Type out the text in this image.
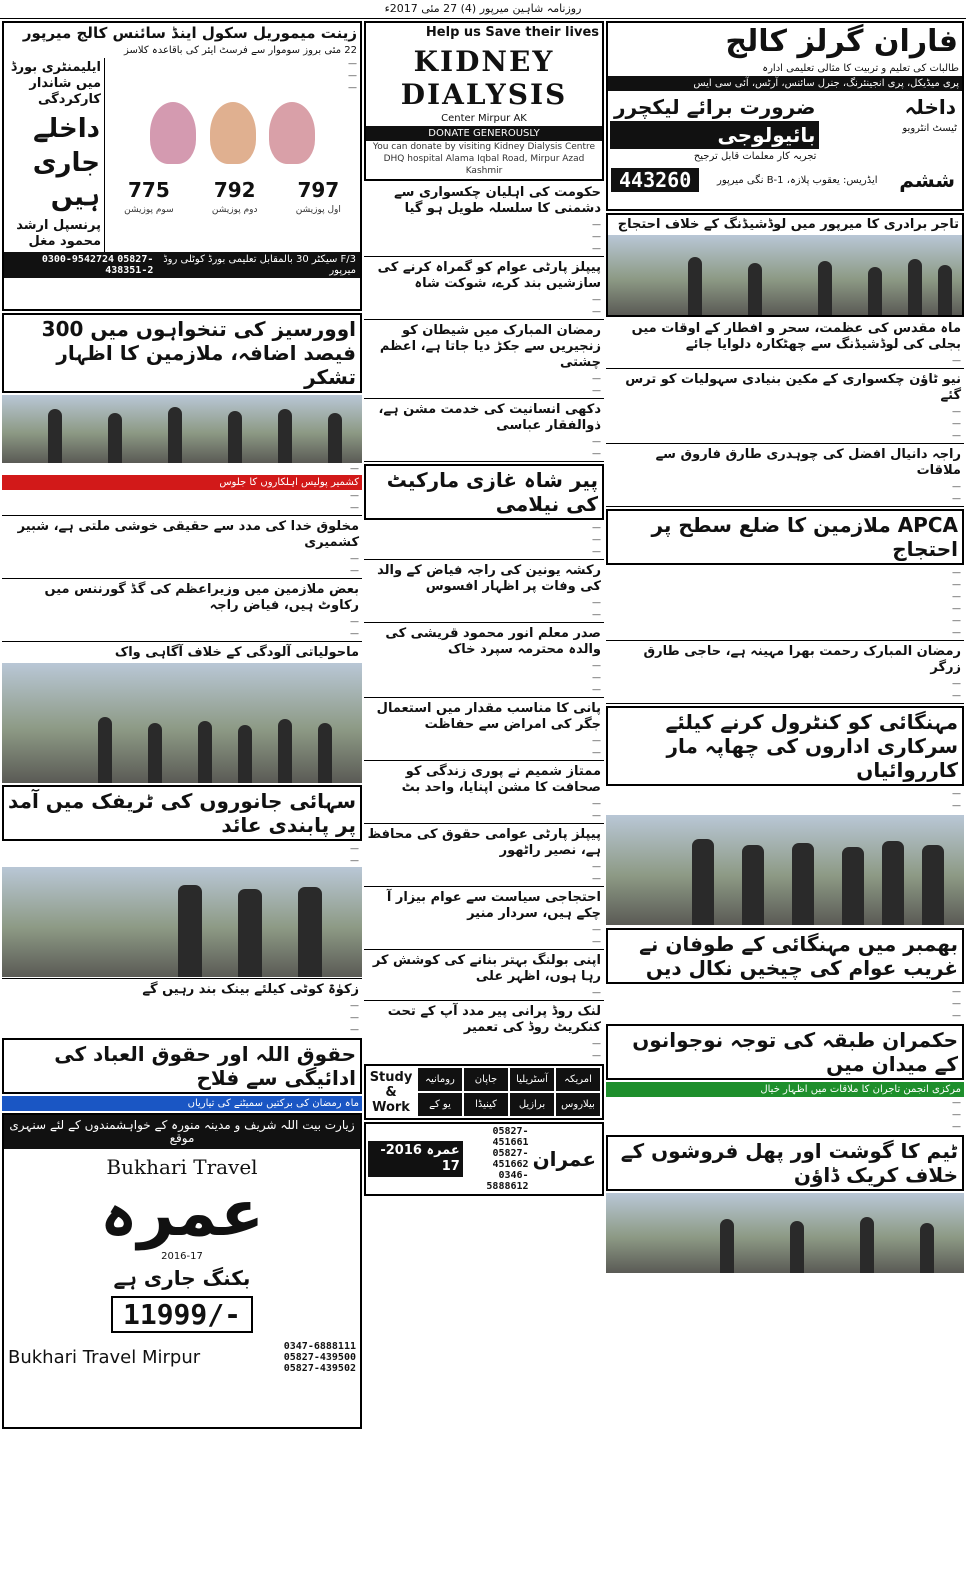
روزنامہ شاہین میرپور (4) 27 مئی 2017ء
فاران گرلز کالج
طالبات کی تعلیم و تربیت کا مثالی تعلیمی ادارہ
پری میڈیکل، پری انجینئرنگ، جنرل سائنس، آرٹس، آئی سی ایس
داخلہ
ٹیسٹ انٹرویو
ضرورت برائے لیکچرر
بائیولوجی
تجربہ کار معلمات قابل ترجیح
ششم
ایڈریس: یعقوب پلازہ، B-1 نگی میرپور
443260
تاجر برادری کا میرپور میں لوڈشیڈنگ کے خلاف احتجاج
ماہ مقدس کی عظمت، سحر و افطار کے اوقات میں بجلی کی لوڈشیڈنگ سے چھٹکارہ دلوایا جائے
—
نیو ٹاؤن چکسواری کے مکین بنیادی سہولیات کو ترس گئے
—
—
—
راجہ دانیال افضل کی چوہدری طارق فاروق سے ملاقات
—
—
APCA ملازمین کا ضلع سطح پر احتجاج
—
—
—
—
—
—
رمضان المبارک رحمت بھرا مہینہ ہے، حاجی طارق زرگر
—
—
مہنگائی کو کنٹرول کرنے کیلئے سرکاری اداروں کی چھاپہ مار کارروائیاں
—
—
بھمبر میں مہنگائی کے طوفان نے غریب عوام کی چیخیں نکال دیں
—
—
—
حکمران طبقہ کی توجہ نوجوانوں کے میدان میں
مرکزی انجمن تاجران کا ملاقات میں اظہار خیال
—
—
—
ٹیم کا گوشت اور پھل فروشوں کے خلاف کریک ڈاؤن
Help us Save their lives
KIDNEY DIALYSIS
Center Mirpur AK
DONATE GENEROUSLY
You can donate by visiting Kidney Dialysis Centre
DHQ hospital Alama Iqbal Road, Mirpur Azad Kashmir
حکومت کی اہلیان چکسواری سے دشمنی کا سلسلہ طویل ہو گیا
—
—
—
پیپلز پارٹی عوام کو گمراہ کرنے کی سازشیں بند کرے، شوکت شاہ
—
—
رمضان المبارک میں شیطان کو زنجیریں سے جکڑ دیا جاتا ہے، اعظم چشتی
—
—
دکھی انسانیت کی خدمت مشن ہے، ذوالفقار عباسی
—
—
پیر شاہ غازی مارکیٹ کی نیلامی
—
—
—
رکشہ یونین کی راجہ فیاض کے والد کی وفات پر اظہار افسوس
—
—
صدر معلم انور محمود قریشی کی والدہ محترمہ سپرد خاک
—
—
—
پانی کا مناسب مقدار میں استعمال جگر کی امراض سے حفاظت
—
—
ممتاز شمیم نے پوری زندگی کو صحافت کا مشن اپنایا، واحد بٹ
—
—
پیپلز پارٹی عوامی حقوق کی محافظ ہے، نصیر راٹھور
—
—
احتجاجی سیاست سے عوام بیزار آ چکے ہیں، سردار منیر
—
—
اپنی بولنگ بہتر بنانے کی کوشش کر رہا ہوں، اظہر علی
—
لنک روڈ پرانی پیر مدد آپ کے تحت کنکریٹ روڈ کی تعمیر
—
—
امریکہ
آسٹریلیا
جاپان
رومانیہ
بیلاروس
برازیل
کینیڈا
یو کے
Study
&
Work
عمران
05827-451661
05827-451662
0346-5888612
عمرہ 2016-17
زینت میموریل سکول اینڈ سائنس کالج میرپور
22 مئی بروز سوموار سے فرسٹ ایئر کی باقاعدہ کلاسز
—
—
—

797
اول پوزیشن
792
دوم پوزیشن
775
سوم پوزیشن
ایلیمنٹری بورڈ میں شاندار کارکردگی
داخلے جاری ہیں
پرنسپل ارشد محمود مغل
F/3 سیکٹر 30 بالمقابل تعلیمی بورڈ کوٹلی روڈ میرپور
0300-9542724 05827-438351-2
اوورسیز کی تنخواہوں میں 300 فیصد اضافہ، ملازمین کا اظہار تشکر
—
کشمیر پولیس اہلکاروں کا جلوس
—
—
مخلوق خدا کی مدد سے حقیقی خوشی ملتی ہے، شبیر کشمیری
—
—
بعض ملازمین میں وزیراعظم کی گڈ گورننس میں رکاوٹ ہیں، فیاض راجہ
—
—
ماحولیاتی آلودگی کے خلاف آگاہی واک
سہائی جانوروں کی ٹریفک میں آمد پر پابندی عائد
—
—
زکوٰۃ کوٹی کیلئے بینک بند رہیں گے
—
—
—
حقوق اللہ اور حقوق العباد کی ادائیگی سے فلاح
ماہ رمضان کی برکتیں سمیٹنے کی تیاریاں
زیارت بیت اللہ شریف و مدینہ منورہ کے خواہشمندوں کے لئے سنہری موقع
Bukhari Travel
عمرہ
2016-17
بکنگ جاری ہے
11999/-
Bukhari Travel Mirpur
0347-6888111
05827-439500
05827-439502
